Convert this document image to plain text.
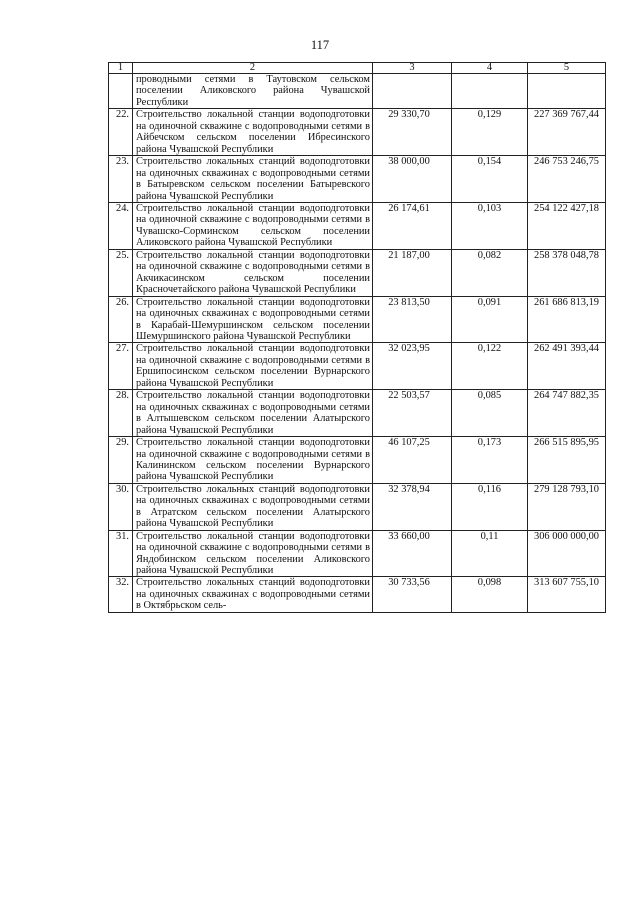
117
1	2	3	4	5
	проводными сетями в Таутовском сельском поселении Аликовского района Чувашской Республики			
22.	Строительство локальной станции водоподготовки на одиночной скважине с водопроводными сетями в Айбечском сельском поселении Ибресинского района Чувашской Республики	29 330,70	0,129	227 369 767,44
23.	Строительство локальных станций водоподготовки на одиночных скважинах с водопроводными сетями в Батыревском сельском поселении Батыревского района Чувашской Республики	38 000,00	0,154	246 753 246,75
24.	Строительство локальной станции водоподготовки на одиночной скважине с водопроводными сетями в Чувашско-Сорминском сельском поселении Аликовского района Чувашской Республики	26 174,61	0,103	254 122 427,18
25.	Строительство локальной станции водоподготовки на одиночной скважине с водопроводными сетями в Акчикасинском сельском поселении Красночетайского района Чувашской Республики	21 187,00	0,082	258 378 048,78
26.	Строительство локальной станции водоподготовки на одиночных скважинах с водопроводными сетями в Карабай-Шемуршинском сельском поселении Шемуршинского района Чувашской Республики	23 813,50	0,091	261 686 813,19
27.	Строительство локальной станции водоподготовки на одиночной скважине с водопроводными сетями в Ершипосинском сельском поселении Вурнарского района Чувашской Республики	32 023,95	0,122	262 491 393,44
28.	Строительство локальной станции водоподготовки на одиночных скважинах с водопроводными сетями в Алтышевском сельском поселении Алатырского района Чувашской Республики	22 503,57	0,085	264 747 882,35
29.	Строительство локальной станции водоподготовки на одиночной скважине с водопроводными сетями в Калининском сельском поселении Вурнарского района Чувашской Республики	46 107,25	0,173	266 515 895,95
30.	Строительство локальных станций водоподготовки на одиночных скважинах с водопроводными сетями в Атратском сельском поселении Алатырского района Чувашской Республики	32 378,94	0,116	279 128 793,10
31.	Строительство локальной станции водоподготовки на одиночной скважине с водопроводными сетями в Яндобинском сельском поселении Аликовского района Чувашской Республики	33 660,00	0,11	306 000 000,00
32.	Строительство локальных станций водоподготовки на одиночных скважинах с водопроводными сетями в Октябрьском сель-	30 733,56	0,098	313 607 755,10
